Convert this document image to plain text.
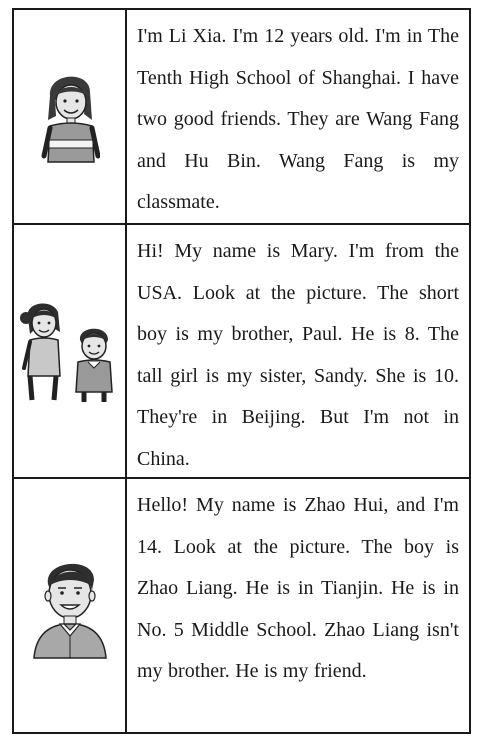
I'm Li Xia. I'm 12 years old. I'm in The Tenth High School of Shanghai. I have two good friends. They are Wang Fang and Hu Bin. Wang Fang is my classmate.
Hi! My name is Mary. I'm from the USA. Look at the picture. The short boy is my brother, Paul. He is 8. The tall girl is my sister, Sandy. She is 10. They're in Beijing. But I'm not in China.
Hello! My name is Zhao Hui, and I'm 14. Look at the picture. The boy is Zhao Liang. He is in Tianjin. He is in No. 5 Middle School. Zhao Liang isn't my brother. He is my friend.
